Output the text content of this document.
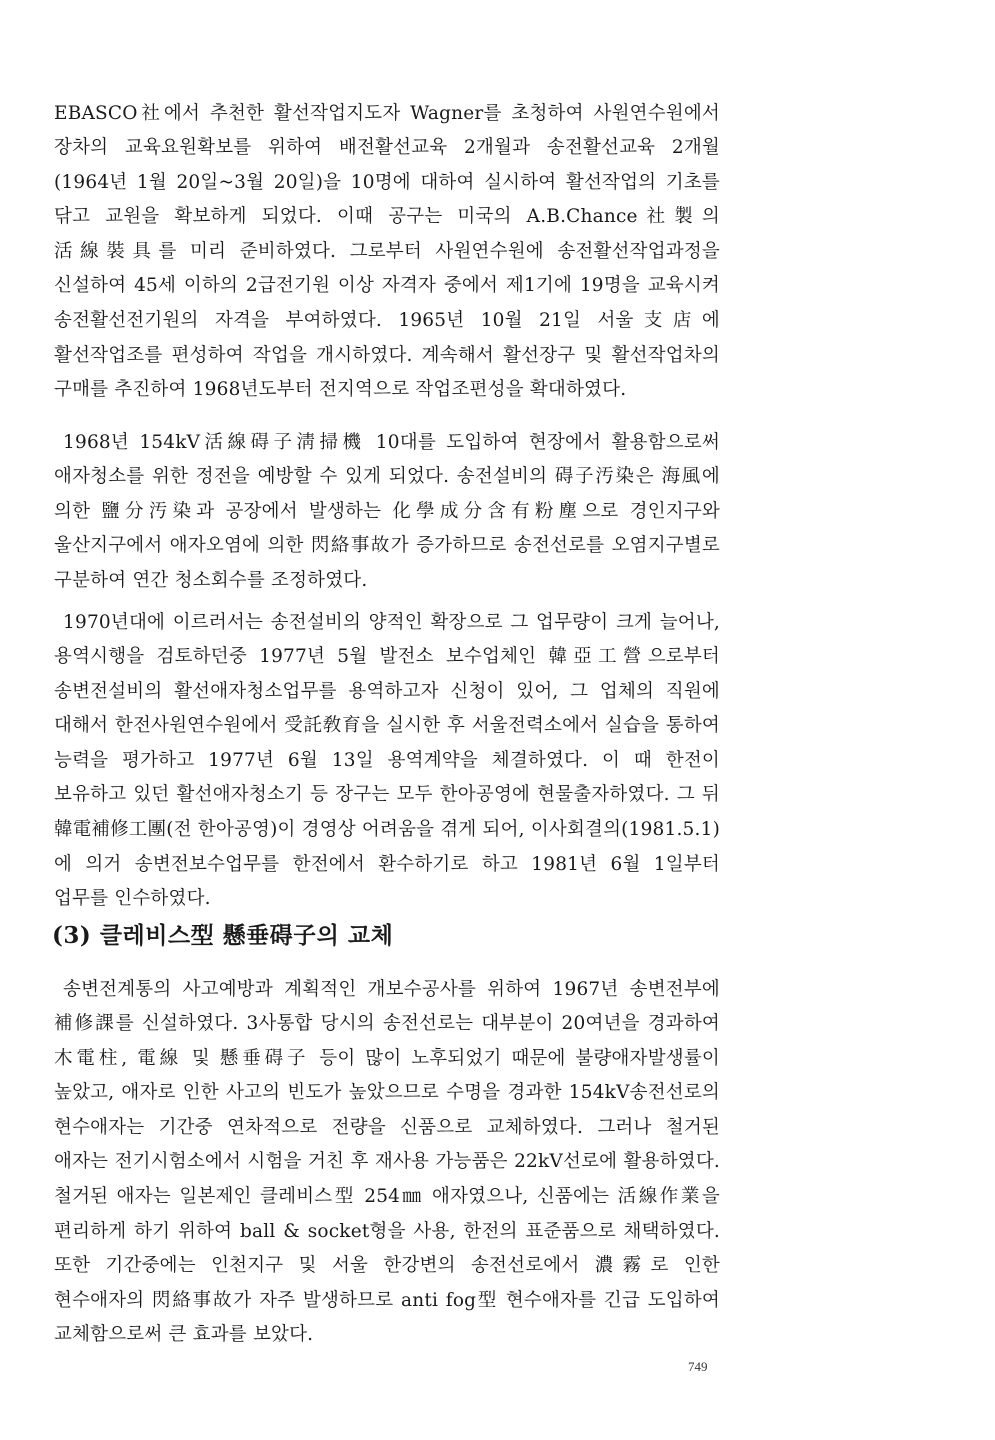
EBASCO社에서 추천한 활선작업지도자 Wagner를 초청하여 사원연수원에서 장차의 교육요원확보를 위하여 배전활선교육 2개월과 송전활선교육 2개월(1964년 1월 20일~3월 20일)을 10명에 대하여 실시하여 활선작업의 기초를 닦고 교원을 확보하게 되었다. 이때 공구는 미국의 A.B.Chance社製의 活線裝具를 미리 준비하였다. 그로부터 사원연수원에 송전활선작업과정을 신설하여 45세 이하의 2급전기원 이상 자격자 중에서 제1기에 19명을 교육시켜 송전활선전기원의 자격을 부여하였다. 1965년 10월 21일 서울支店에 활선작업조를 편성하여 작업을 개시하였다. 계속해서 활선장구 및 활선작업차의 구매를 추진하여 1968년도부터 전지역으로 작업조편성을 확대하였다.

1968년 154kV活線碍子淸掃機 10대를 도입하여 현장에서 활용함으로써 애자청소를 위한 정전을 예방할 수 있게 되었다. 송전설비의 碍子汚染은 海風에 의한 鹽分汚染과 공장에서 발생하는 化學成分含有粉塵으로 경인지구와 울산지구에서 애자오염에 의한 閃絡事故가 증가하므로 송전선로를 오염지구별로 구분하여 연간 청소회수를 조정하였다.

1970년대에 이르러서는 송전설비의 양적인 확장으로 그 업무량이 크게 늘어나, 용역시행을 검토하던중 1977년 5월 발전소 보수업체인 韓亞工營으로부터 송변전설비의 활선애자청소업무를 용역하고자 신청이 있어, 그 업체의 직원에 대해서 한전사원연수원에서 受託敎育을 실시한 후 서울전력소에서 실습을 통하여 능력을 평가하고 1977년 6월 13일 용역계약을 체결하였다. 이 때 한전이 보유하고 있던 활선애자청소기 등 장구는 모두 한아공영에 현물출자하였다. 그 뒤 韓電補修工團(전 한아공영)이 경영상 어려움을 겪게 되어, 이사회결의(1981.5.1)에 의거 송변전보수업무를 한전에서 환수하기로 하고 1981년 6월 1일부터 업무를 인수하였다.

(3) 클레비스型 懸垂碍子의 교체

송변전계통의 사고예방과 계획적인 개보수공사를 위하여 1967년 송변전부에 補修課를 신설하였다. 3사통합 당시의 송전선로는 대부분이 20여년을 경과하여 木電柱, 電線 및 懸垂碍子 등이 많이 노후되었기 때문에 불량애자발생률이 높았고, 애자로 인한 사고의 빈도가 높았으므로 수명을 경과한 154kV송전선로의 현수애자는 기간중 연차적으로 전량을 신품으로 교체하였다. 그러나 철거된 애자는 전기시험소에서 시험을 거친 후 재사용 가능품은 22kV선로에 활용하였다. 철거된 애자는 일본제인 클레비스型 254㎜ 애자였으나, 신품에는 活線作業을 편리하게 하기 위하여 ball & socket형을 사용, 한전의 표준품으로 채택하였다. 또한 기간중에는 인천지구 및 서울 한강변의 송전선로에서 濃霧로 인한 현수애자의 閃絡事故가 자주 발생하므로 anti fog型 현수애자를 긴급 도입하여 교체함으로써 큰 효과를 보았다.

749
